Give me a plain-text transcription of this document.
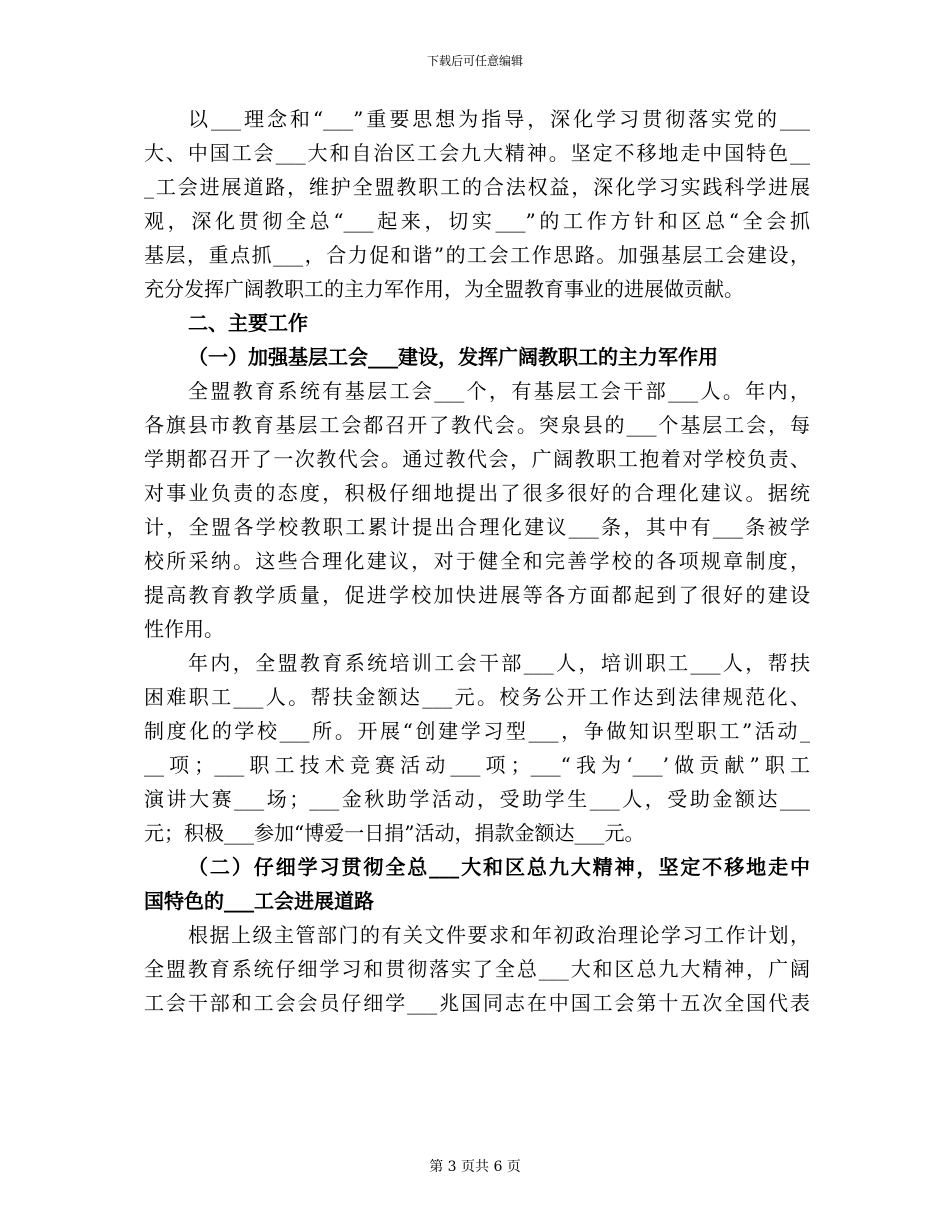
下载后可任意编辑
以___理念和“___”重要思想为指导，深化学习贯彻落实党的___
大、中国工会___大和自治区工会九大精神。坚定不移地走中国特色__
_工会进展道路，维护全盟教职工的合法权益，深化学习实践科学进展
观，深化贯彻全总“___起来，切实___”的工作方针和区总“全会抓
基层，重点抓___，合力促和谐”的工会工作思路。加强基层工会建设，
充分发挥广阔教职工的主力军作用，为全盟教育事业的进展做贡献。
二、主要工作
（一）加强基层工会___建设，发挥广阔教职工的主力军作用
全盟教育系统有基层工会___个，有基层工会干部___人。年内，
各旗县市教育基层工会都召开了教代会。突泉县的___个基层工会，每
学期都召开了一次教代会。通过教代会，广阔教职工抱着对学校负责、
对事业负责的态度，积极仔细地提出了很多很好的合理化建议。据统
计，全盟各学校教职工累计提出合理化建议___条，其中有___条被学
校所采纳。这些合理化建议，对于健全和完善学校的各项规章制度，
提高教育教学质量，促进学校加快进展等各方面都起到了很好的建设
性作用。
年内，全盟教育系统培训工会干部___人，培训职工___人，帮扶
困难职工___人。帮扶金额达___元。校务公开工作达到法律规范化、
制度化的学校___所。开展“创建学习型___，争做知识型职工”活动_
__项；___职工技术竞赛活动___项；___“我为‘___’做贡献”职工
演讲大赛___场；___金秋助学活动，受助学生___人，受助金额达___
元；积极___参加“博爱一日捐”活动，捐款金额达___元。
（二）仔细学习贯彻全总___大和区总九大精神，坚定不移地走中
国特色的___工会进展道路
根据上级主管部门的有关文件要求和年初政治理论学习工作计划，
全盟教育系统仔细学习和贯彻落实了全总___大和区总九大精神，广阔
工会干部和工会会员仔细学___兆国同志在中国工会第十五次全国代表
第 3 页共 6 页
